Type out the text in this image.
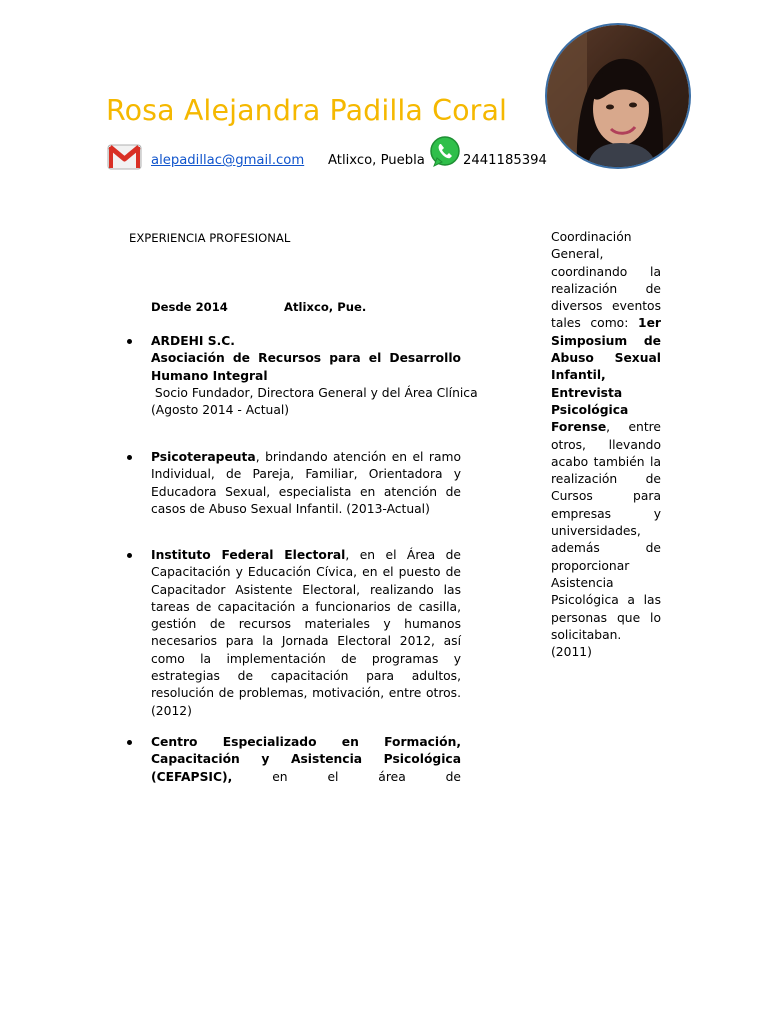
Rosa Alejandra Padilla Coral
alepadillac@gmail.com Atlixco, Puebla	2441185394
EXPERIENCIA PROFESIONAL
Desde 2014	Atlixco, Pue.
ARDEHI S.C.
Asociación de Recursos para el Desarrollo Humano Integral
Socio Fundador, Directora General y del Área Clínica
(Agosto 2014 - Actual)
Psicoterapeuta, brindando atención en el ramo Individual, de Pareja, Familiar, Orientadora y Educadora Sexual, especialista en atención de casos de Abuso Sexual Infantil. (2013-Actual)
Instituto Federal Electoral, en el Área de Capacitación y Educación Cívica, en el puesto de Capacitador Asistente Electoral, realizando las tareas de capacitación a funcionarios de casilla, gestión de recursos materiales y humanos necesarios para la Jornada Electoral 2012, así como la implementación de programas y estrategias de capacitación para adultos, resolución de problemas, motivación, entre otros. (2012)
Centro Especializado en Formación, Capacitación y Asistencia Psicológica (CEFAPSIC), en el área de
Coordinación General, coordinando la realización de diversos eventos tales como: 1er Simposium de Abuso Sexual Infantil, Entrevista Psicológica Forense, entre otros, llevando acabo también la realización de Cursos para empresas y universidades, además de proporcionar Asistencia Psicológica a las personas que lo solicitaban. (2011)
